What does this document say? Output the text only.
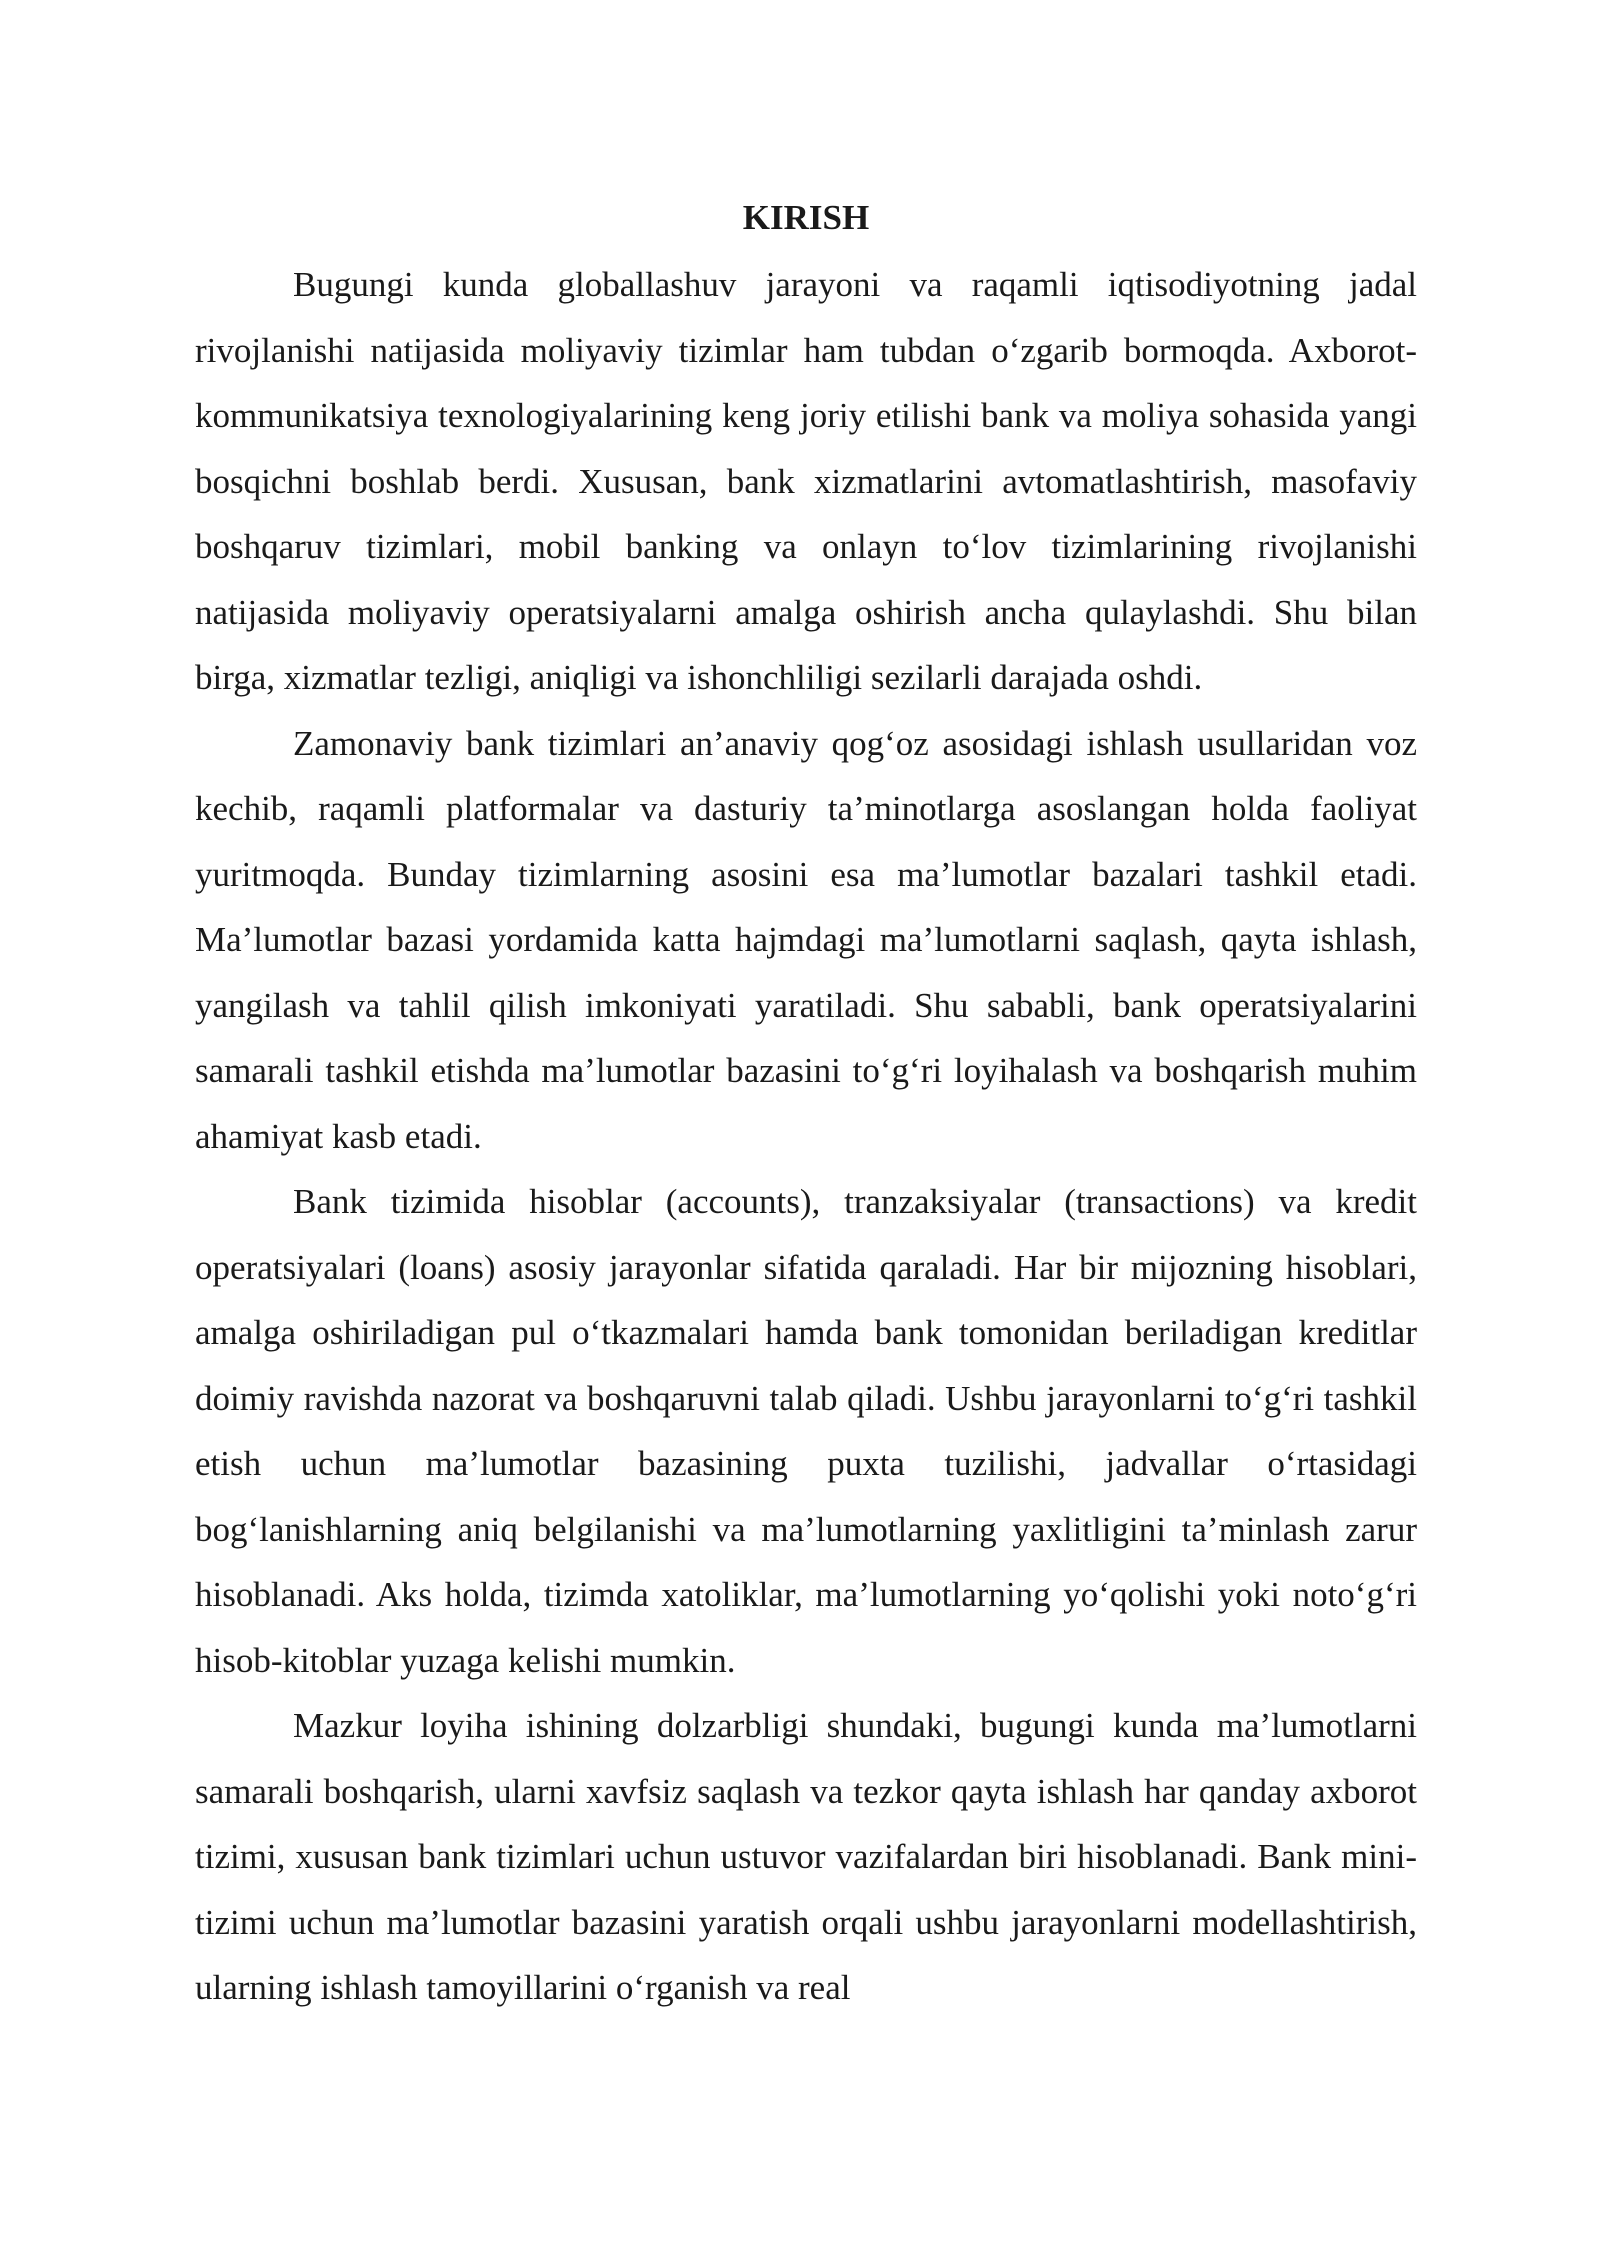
KIRISH

Bugungi kunda globallashuv jarayoni va raqamli iqtisodiyotning jadal rivojlanishi natijasida moliyaviy tizimlar ham tubdan o‘zgarib bormoqda. Axborot-kommunikatsiya texnologiyalarining keng joriy etilishi bank va moliya sohasida yangi bosqichni boshlab berdi. Xususan, bank xizmatlarini avtomatlashtirish, masofaviy boshqaruv tizimlari, mobil banking va onlayn to‘lov tizimlarining rivojlanishi natijasida moliyaviy operatsiyalarni amalga oshirish ancha qulaylashdi. Shu bilan birga, xizmatlar tezligi, aniqligi va ishonchliligi sezilarli darajada oshdi.

Zamonaviy bank tizimlari an’anaviy qog‘oz asosidagi ishlash usullaridan voz kechib, raqamli platformalar va dasturiy ta’minotlarga asoslangan holda faoliyat yuritmoqda. Bunday tizimlarning asosini esa ma’lumotlar bazalari tashkil etadi. Ma’lumotlar bazasi yordamida katta hajmdagi ma’lumotlarni saqlash, qayta ishlash, yangilash va tahlil qilish imkoniyati yaratiladi. Shu sababli, bank operatsiyalarini samarali tashkil etishda ma’lumotlar bazasini to‘g‘ri loyihalash va boshqarish muhim ahamiyat kasb etadi.

Bank tizimida hisoblar (accounts), tranzaksiyalar (transactions) va kredit operatsiyalari (loans) asosiy jarayonlar sifatida qaraladi. Har bir mijozning hisoblari, amalga oshiriladigan pul o‘tkazmalari hamda bank tomonidan beriladigan kreditlar doimiy ravishda nazorat va boshqaruvni talab qiladi. Ushbu jarayonlarni to‘g‘ri tashkil etish uchun ma’lumotlar bazasining puxta tuzilishi, jadvallar o‘rtasidagi bog‘lanishlarning aniq belgilanishi va ma’lumotlarning yaxlitligini ta’minlash zarur hisoblanadi. Aks holda, tizimda xatoliklar, ma’lumotlarning yo‘qolishi yoki noto‘g‘ri hisob-kitoblar yuzaga kelishi mumkin.

Mazkur loyiha ishining dolzarbligi shundaki, bugungi kunda ma’lumotlarni samarali boshqarish, ularni xavfsiz saqlash va tezkor qayta ishlash har qanday axborot tizimi, xususan bank tizimlari uchun ustuvor vazifalardan biri hisoblanadi. Bank mini-tizimi uchun ma’lumotlar bazasini yaratish orqali ushbu jarayonlarni modellashtirish, ularning ishlash tamoyillarini o‘rganish va real
